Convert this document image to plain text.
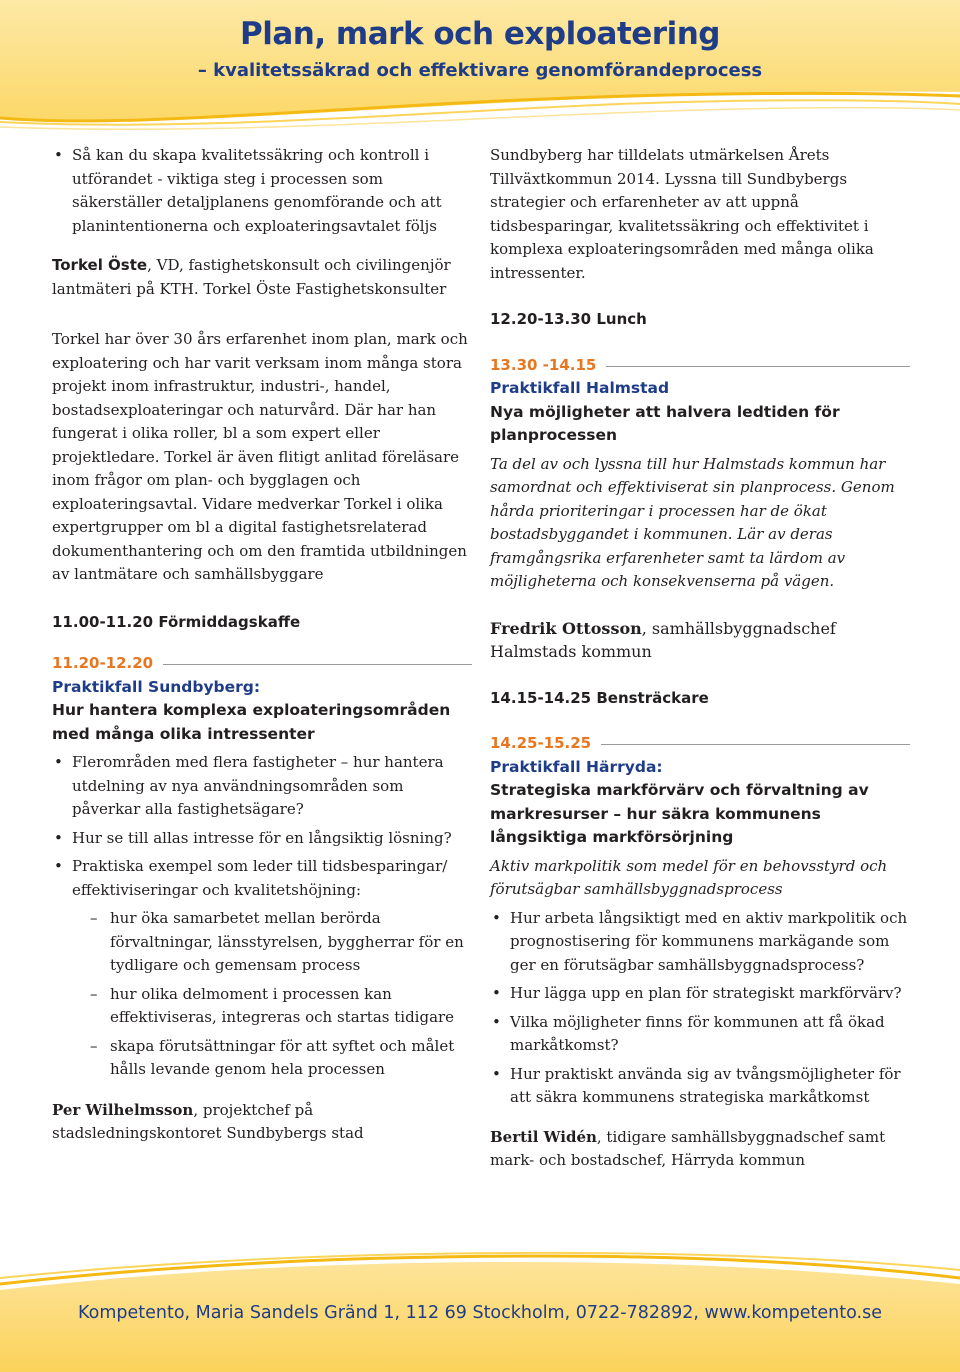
Plan, mark och exploatering
– kvalitetssäkrad och effektivare genomförandeprocess
• Så kan du skapa kvalitetssäkring och kontroll i utförandet - viktiga steg i processen som säkerställer detaljplanens genomförande och att planintentionerna och exploateringsavtalet följs

Torkel Öste, VD, fastighetskonsult och civilingenjör lantmäteri på KTH. Torkel Öste Fastighetskonsulter

Torkel har över 30 års erfarenhet inom plan, mark och exploatering och har varit verksam inom många stora projekt inom infrastruktur, industri-, handel, bostadsexploateringar och naturvård. Där har han fungerat i olika roller, bl a som expert eller projektledare. Torkel är även flitigt anlitad föreläsare inom frågor om plan- och bygglagen och exploateringsavtal. Vidare medverkar Torkel i olika expertgrupper om bl a digital fastighetsrelaterad dokumenthantering och om den framtida utbildningen av lantmätare och samhällsbyggare

11.00-11.20 Förmiddagskaffe

11.20-12.20

Praktikfall Sundbyberg:

Hur hantera komplexa exploateringsområden med många olika intressenter

• Flerområden med flera fastigheter – hur hantera utdelning av nya användningsområden som påverkar alla fastighetsägare?
• Hur se till allas intresse för en långsiktig lösning?
• Praktiska exempel som leder till tidsbesparingar/ effektiviseringar och kvalitetshöjning:
– hur öka samarbetet mellan berörda förvaltningar, länsstyrelsen, byggherrar för en tydligare och gemensam process
– hur olika delmoment i processen kan effektiviseras, integreras och startas tidigare
– skapa förutsättningar för att syftet och målet hålls levande genom hela processen

Per Wilhelmsson, projektchef på stadsledningskontoret Sundbybergs stad

Sundbyberg har tilldelats utmärkelsen Årets Tillväxtkommun 2014. Lyssna till Sundbybergs strategier och erfarenheter av att uppnå tidsbesparingar, kvalitetssäkring och effektivitet i komplexa exploateringsområden med många olika intressenter.

12.20-13.30 Lunch

13.30 -14.15

Praktikfall Halmstad

Nya möjligheter att halvera ledtiden för planprocessen

Ta del av och lyssna till hur Halmstads kommun har samordnat och effektiviserat sin planprocess. Genom hårda prioriteringar i processen har de ökat bostadsbyggandet i kommunen. Lär av deras framgångsrika erfarenheter samt ta lärdom av möjligheterna och konsekvenserna på vägen.

Fredrik Ottosson, samhällsbyggnadschef Halmstads kommun

14.15-14.25 Bensträckare

14.25-15.25

Praktikfall Härryda:

Strategiska markförvärv och förvaltning av markresurser – hur säkra kommunens långsiktiga markförsörjning

Aktiv markpolitik som medel för en behovsstyrd och förutsägbar samhällsbyggnadsprocess

• Hur arbeta långsiktigt med en aktiv markpolitik och prognostisering för kommunens markägande som ger en förutsägbar samhällsbyggnadsprocess?
• Hur lägga upp en plan för strategiskt markförvärv?
• Vilka möjligheter finns för kommunen att få ökad markåtkomst?
• Hur praktiskt använda sig av tvångsmöjligheter för att säkra kommunens strategiska markåtkomst

Bertil Widén, tidigare samhällsbyggnadschef samt mark- och bostadschef, Härryda kommun

Kompetento, Maria Sandels Gränd 1, 112 69 Stockholm, 0722-782892, www.kompetento.se
